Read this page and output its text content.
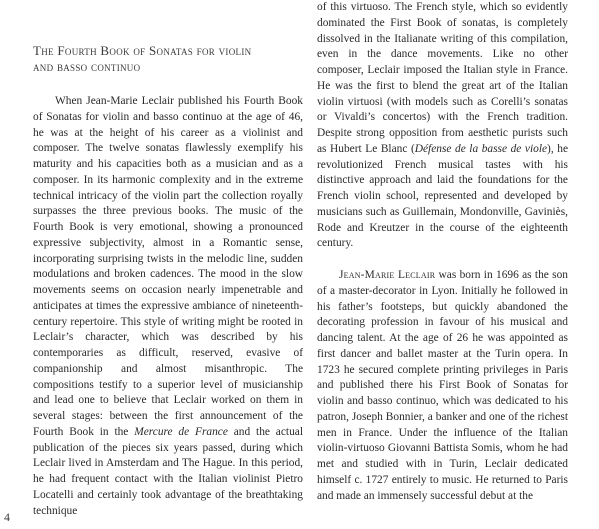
The Fourth Book of Sonatas for violin
and basso continuo

When Jean-Marie Leclair published his Fourth Book of Sonatas for violin and basso continuo at the age of 46, he was at the height of his career as a violinist and composer. The twelve sonatas flawlessly exemplify his maturity and his capacities both as a musician and as a composer. In its harmonic complexity and in the extreme technical intricacy of the violin part the collection royally surpasses the three previous books. The music of the Fourth Book is very emotional, showing a pronounced expressive subjectivity, almost in a Romantic sense, incorporating surprising twists in the melodic line, sudden modulations and broken cadences. The mood in the slow movements seems on occasion nearly impenetrable and anticipates at times the expressive ambiance of nineteenth-century repertoire. This style of writing might be rooted in Leclair’s character, which was described by his contemporaries as difficult, reserved, evasive of companionship and almost misanthropic. The compositions testify to a superior level of musicianship and lead one to believe that Leclair worked on them in several stages: between the first announcement of the Fourth Book in the Mercure de France and the actual publication of the pieces six years passed, during which Leclair lived in Amsterdam and The Hague. In this period, he had frequent contact with the Italian violinist Pietro Locatelli and certainly took advantage of the breathtaking technique

of this virtuoso. The French style, which so evidently dominated the First Book of sonatas, is completely dissolved in the Italianate writing of this compilation, even in the dance movements. Like no other composer, Leclair imposed the Italian style in France. He was the first to blend the great art of the Italian violin virtuosi (with models such as Corelli’s sonatas or Vivaldi’s concertos) with the French tradition. Despite strong opposition from aesthetic purists such as Hubert Le Blanc (Défense de la basse de viole), he revolutionized French musical tastes with his distinctive approach and laid the foundations for the French violin school, represented and developed by musicians such as Guillemain, Mondonville, Gaviniès, Rode and Kreutzer in the course of the eighteenth century.

Jean-Marie Leclair was born in 1696 as the son of a master-decorator in Lyon. Initially he followed in his father’s footsteps, but quickly abandoned the decorating profession in favour of his musical and dancing talent. At the age of 26 he was appointed as first dancer and ballet master at the Turin opera. In 1723 he secured complete printing privileges in Paris and published there his First Book of Sonatas for violin and basso continuo, which was dedicated to his patron, Joseph Bonnier, a banker and one of the richest men in France. Under the influence of the Italian violin-virtuoso Giovanni Battista Somis, whom he had met and studied with in Turin, Leclair dedicated himself c. 1727 entirely to music. He returned to Paris and made an immensely successful debut at the

4
